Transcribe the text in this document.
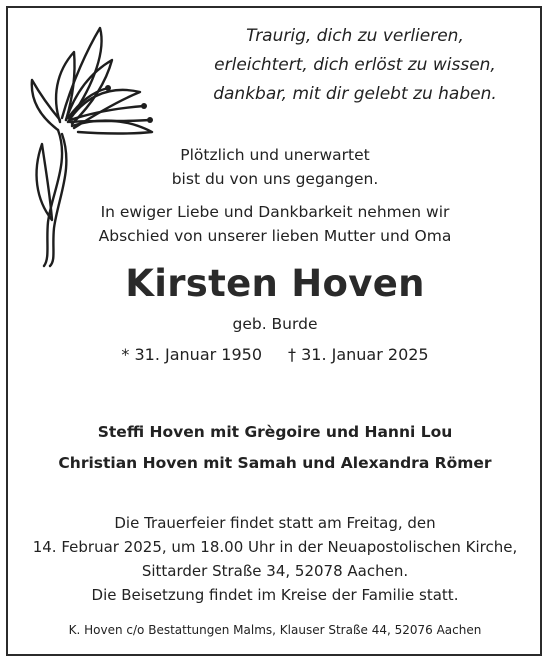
Traurig, dich zu verlieren,
erleichtert, dich erlöst zu wissen,
dankbar, mit dir gelebt zu haben.
Plötzlich und unerwartet
bist du von uns gegangen.
In ewiger Liebe und Dankbarkeit nehmen wir
Abschied von unserer lieben Mutter und Oma
Kirsten Hoven
geb. Burde
* 31. Januar 1950 † 31. Januar 2025
Steffi Hoven mit Grègoire und Hanni Lou
Christian Hoven mit Samah und Alexandra Römer
Die Trauerfeier findet statt am Freitag, den
14. Februar 2025, um 18.00 Uhr in der Neuapostolischen Kirche,
Sittarder Straße 34, 52078 Aachen.
Die Beisetzung findet im Kreise der Familie statt.
K. Hoven c/o Bestattungen Malms, Klauser Straße 44, 52076 Aachen
